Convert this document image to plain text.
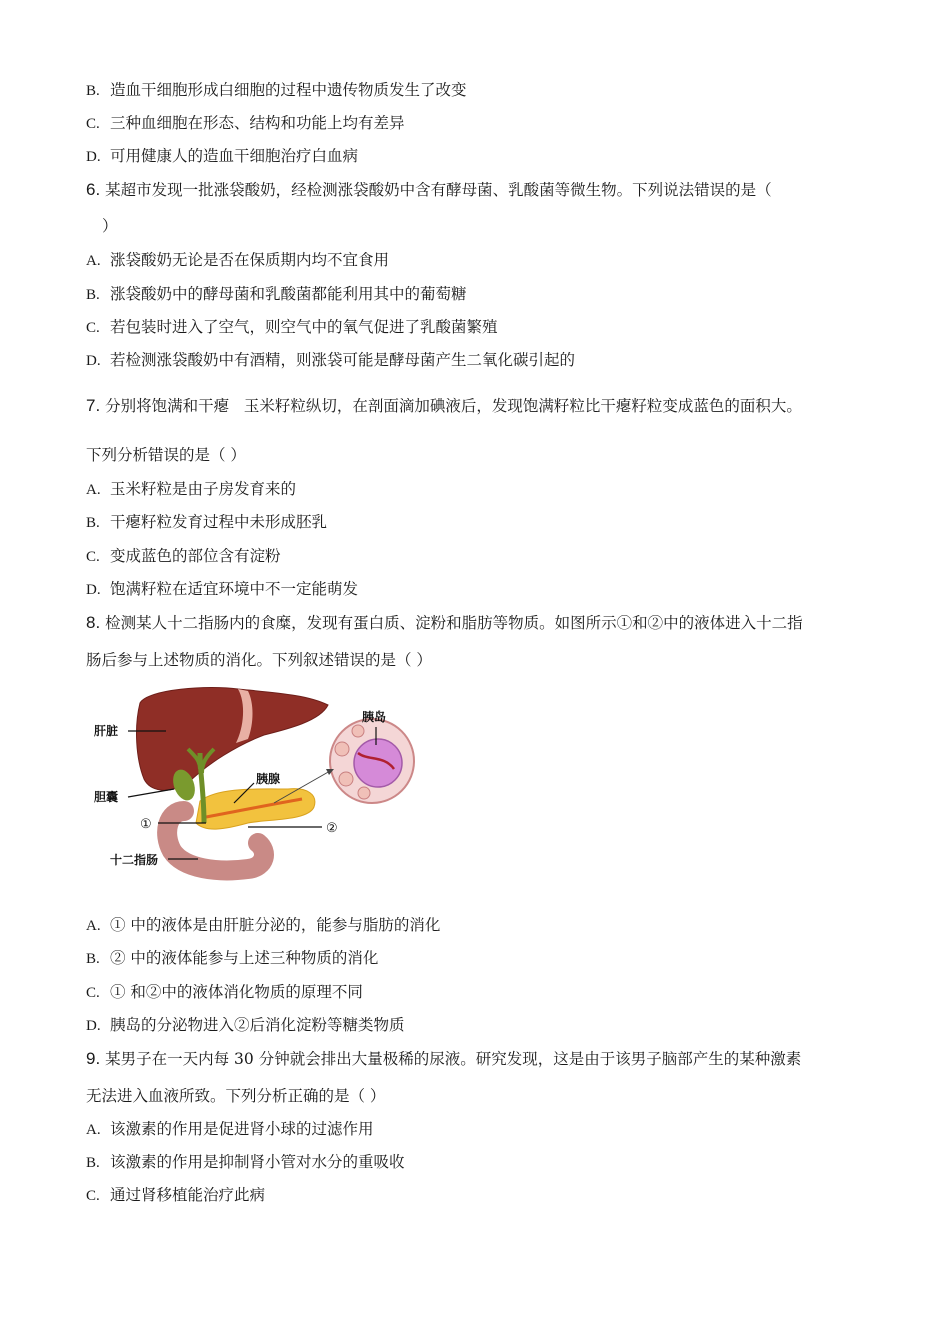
B. 造血干细胞形成白细胞的过程中遗传物质发生了改变
C. 三种血细胞在形态、结构和功能上均有差异
D. 可用健康人的造血干细胞治疗白血病
6. 某超市发现一批涨袋酸奶，经检测涨袋酸奶中含有酵母菌、乳酸菌等微生物。下列说法错误的是（
）
A. 涨袋酸奶无论是否在保质期内均不宜食用
B. 涨袋酸奶中的酵母菌和乳酸菌都能利用其中的葡萄糖
C. 若包装时进入了空气，则空气中的氧气促进了乳酸菌繁殖
D. 若检测涨袋酸奶中有酒精，则涨袋可能是酵母菌产生二氧化碳引起的
7. 分别将饱满和干瘪   玉米籽粒纵切，在剖面滴加碘液后，发现饱满籽粒比干瘪籽粒变成蓝色的面积大。
下列分析错误的是（ ）
A. 玉米籽粒是由子房发育来的
B. 干瘪籽粒发育过程中未形成胚乳
C. 变成蓝色的部位含有淀粉
D. 饱满籽粒在适宜环境中不一定能萌发
8. 检测某人十二指肠内的食糜，发现有蛋白质、淀粉和脂肪等物质。如图所示①和②中的液体进入十二指
肠后参与上述物质的消化。下列叙述错误的是（ ）
肝脏
胆囊
胰腺
胰岛
①	②
十二指肠
A. ① 中的液体是由肝脏分泌的，能参与脂肪的消化
B. ② 中的液体能参与上述三种物质的消化
C. ① 和②中的液体消化物质的原理不同
D. 胰岛的分泌物进入②后消化淀粉等糖类物质
9. 某男子在一天内每 30 分钟就会排出大量极稀的尿液。研究发现，这是由于该男子脑部产生的某种激素
无法进入血液所致。下列分析正确的是（ ）
A. 该激素的作用是促进肾小球的过滤作用
B. 该激素的作用是抑制肾小管对水分的重吸收
C. 通过肾移植能治疗此病
